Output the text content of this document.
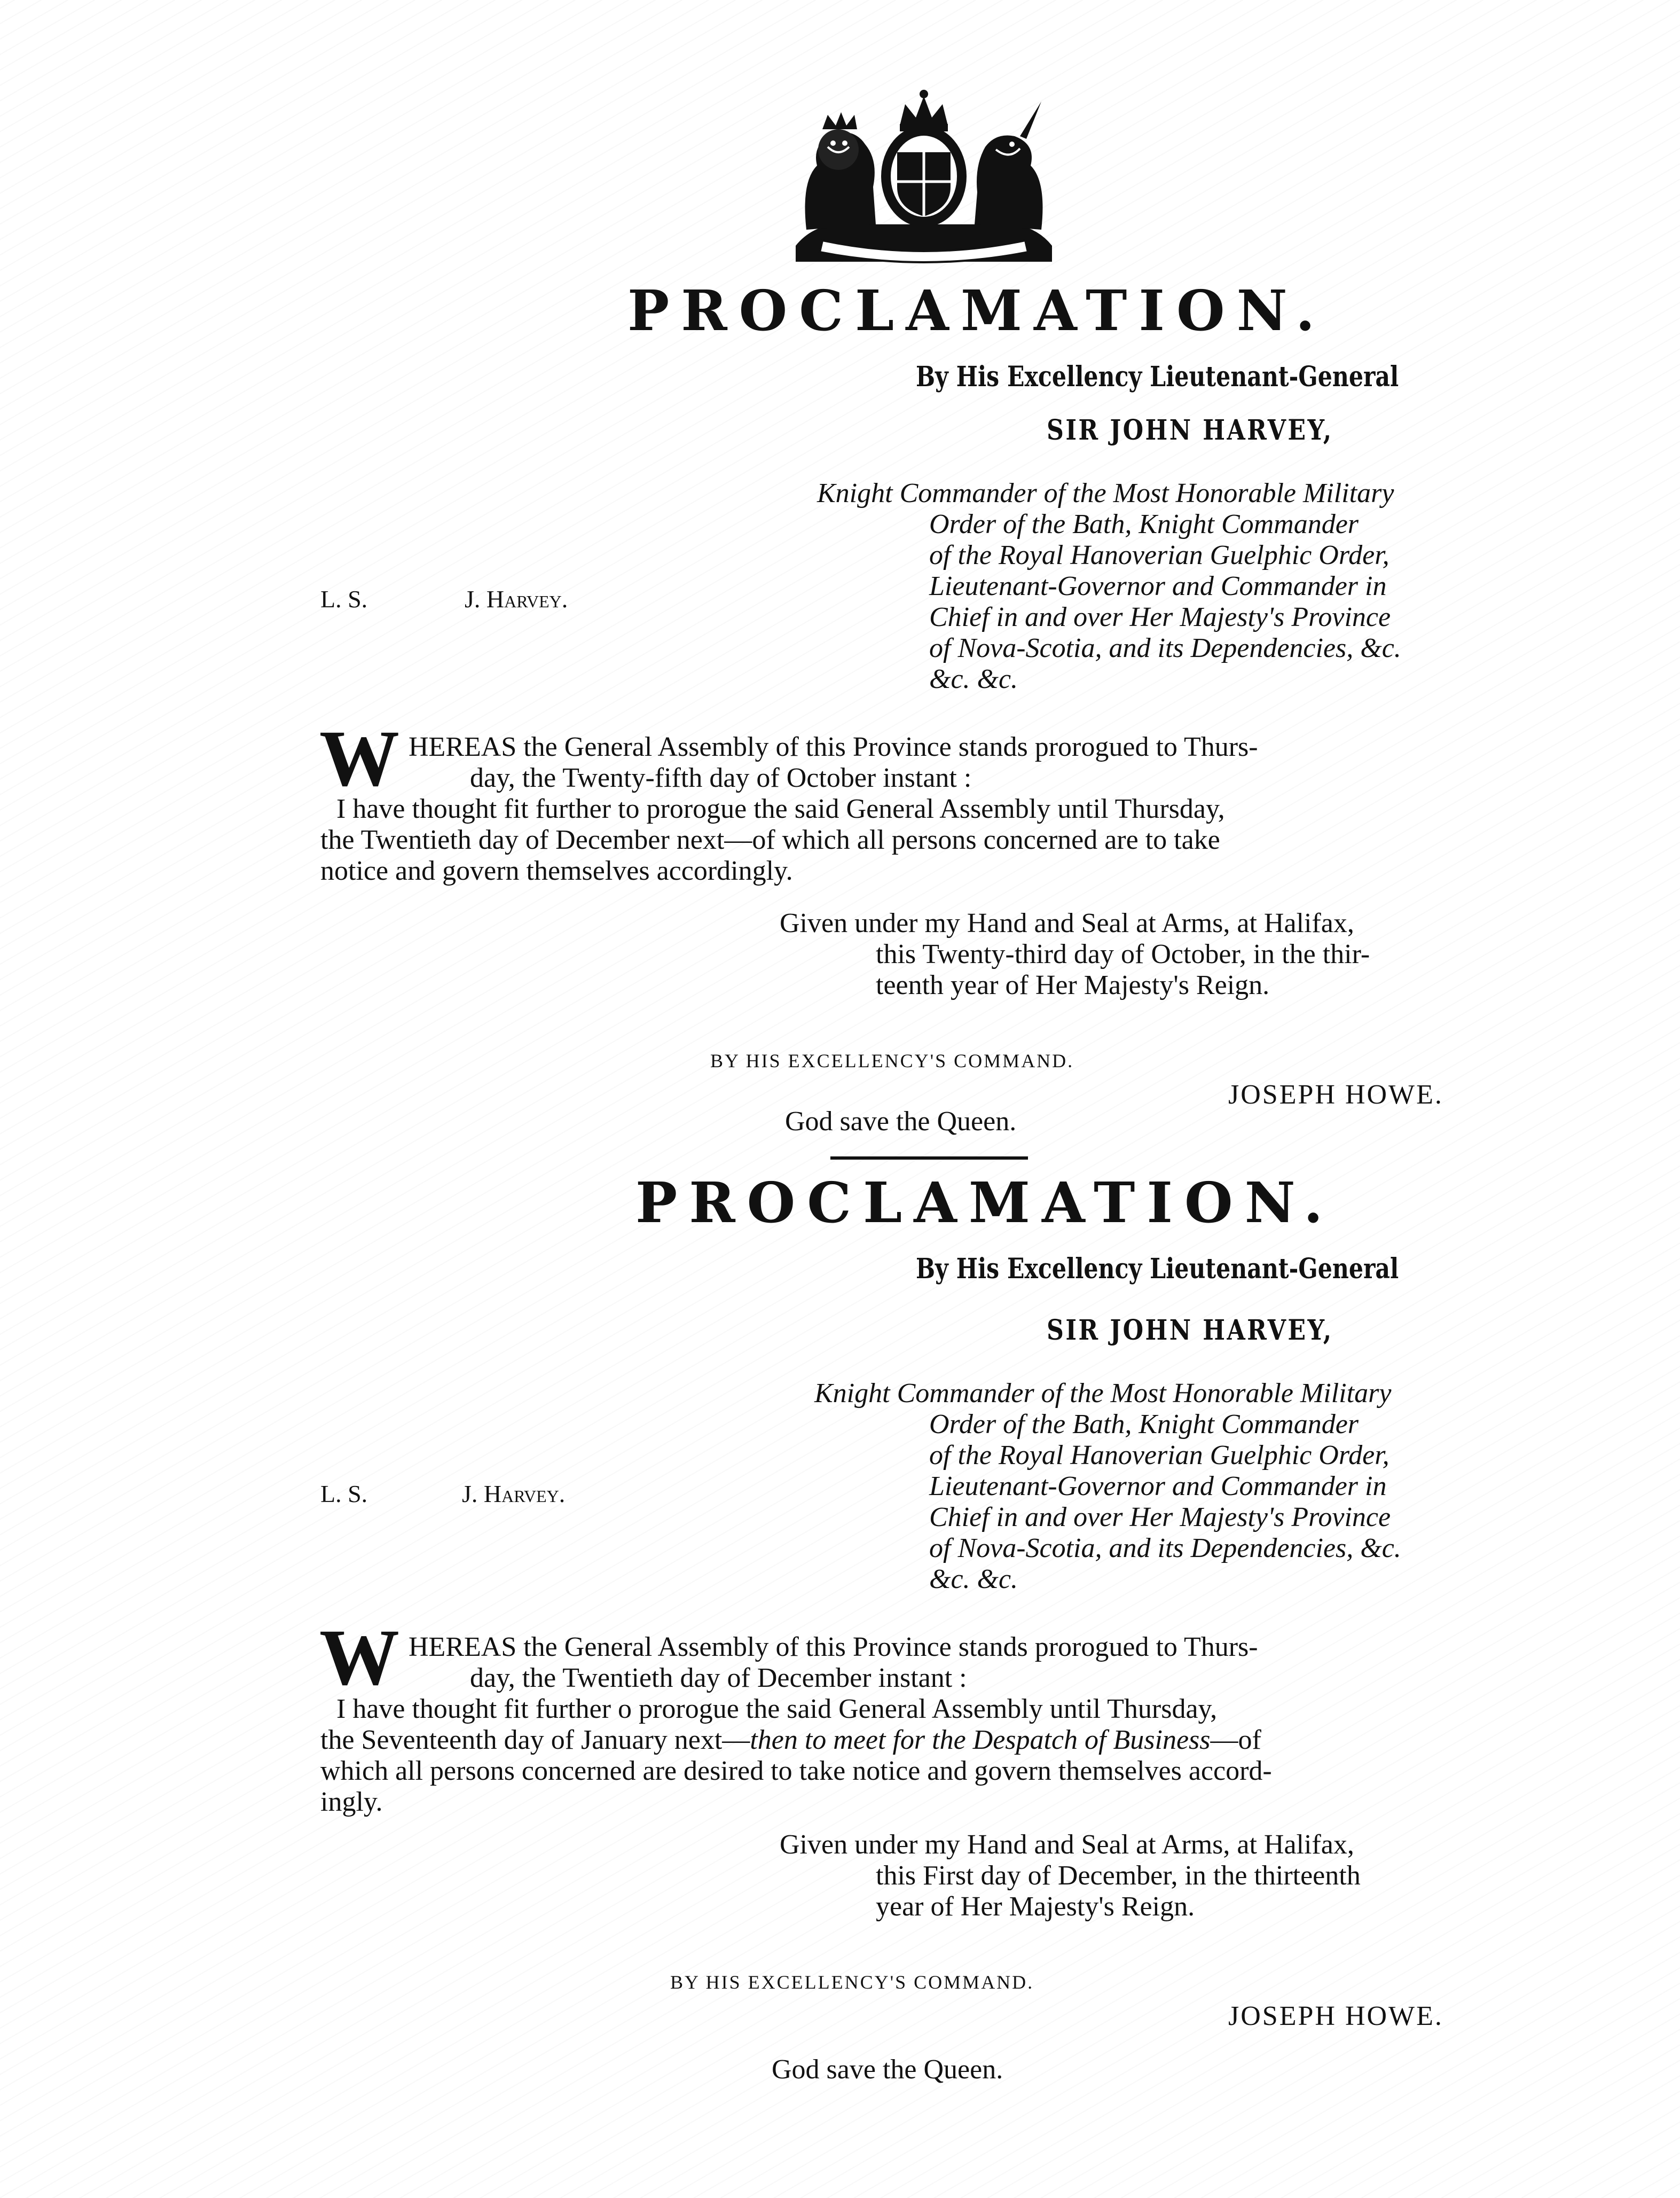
PROCLAMATION.
By His Excellency Lieutenant-General
SIR JOHN HARVEY,
Knight Commander of the Most Honorable Military
Order of the Bath, Knight Commander
of the Royal Hanoverian Guelphic Order,
Lieutenant-Governor and Commander in
Chief in and over Her Majesty's Province
of Nova-Scotia, and its Dependencies, &c.
&c. &c.
L. S.	J. Harvey.
W HEREAS the General Assembly of this Province stands prorogued to Thurs-
day, the Twenty-fifth day of October instant :
I have thought fit further to prorogue the said General Assembly until Thursday,
the Twentieth day of December next—of which all persons concerned are to take
notice and govern themselves accordingly.
Given under my Hand and Seal at Arms, at Halifax,
this Twenty-third day of October, in the thir-
teenth year of Her Majesty's Reign.
BY HIS EXCELLENCY'S COMMAND.
JOSEPH HOWE.
God save the Queen.
PROCLAMATION.
By His Excellency Lieutenant-General
SIR JOHN HARVEY,
Knight Commander of the Most Honorable Military
Order of the Bath, Knight Commander
of the Royal Hanoverian Guelphic Order,
Lieutenant-Governor and Commander in
Chief in and over Her Majesty's Province
of Nova-Scotia, and its Dependencies, &c.
&c. &c.
L. S.	J. Harvey.
W HEREAS the General Assembly of this Province stands prorogued to Thurs-
day, the Twentieth day of December instant :
I have thought fit further o prorogue the said General Assembly until Thursday,
the Seventeenth day of January next—then to meet for the Despatch of Business—of
which all persons concerned are desired to take notice and govern themselves accord-
ingly.
Given under my Hand and Seal at Arms, at Halifax,
this First day of December, in the thirteenth
year of Her Majesty's Reign.
BY HIS EXCELLENCY'S COMMAND.
JOSEPH HOWE.
God save the Queen.
